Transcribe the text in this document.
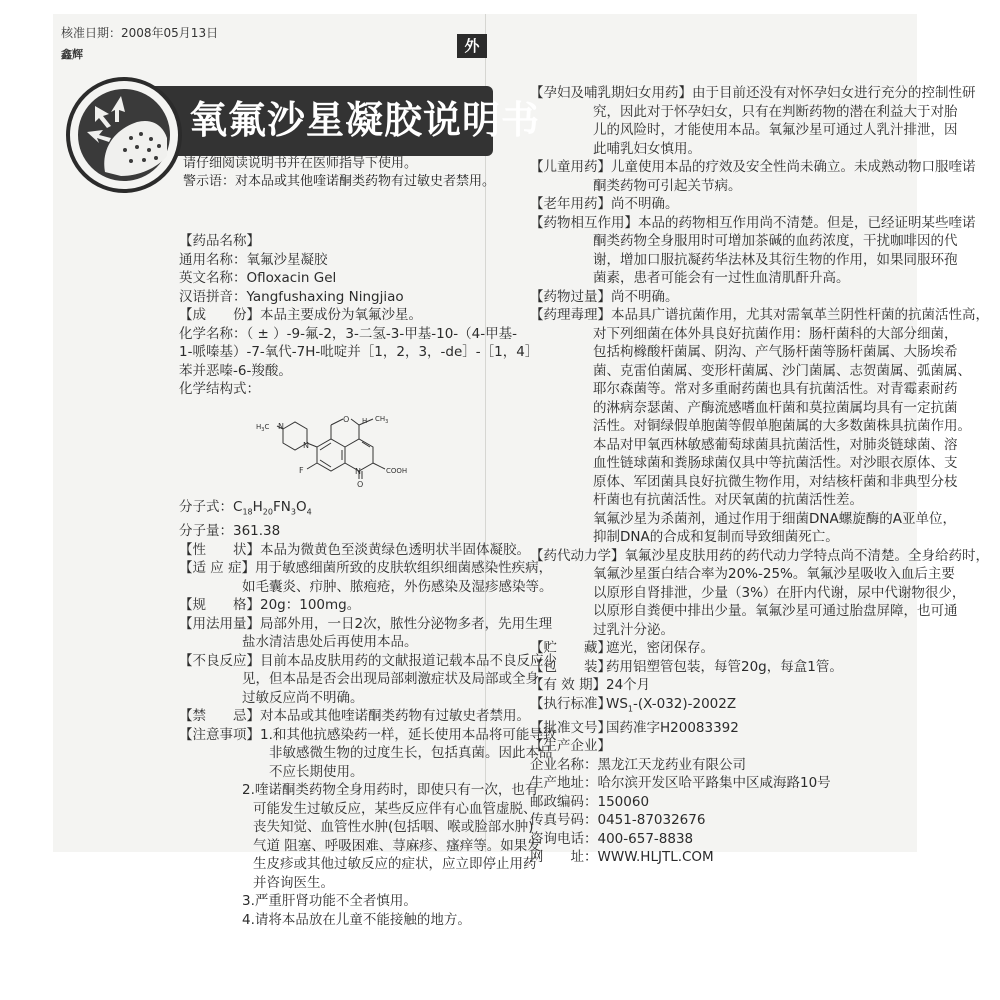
核准日期：2008年05月13日
鑫辉	外
氧氟沙星凝胶说明书
请仔细阅读说明书并在医师指导下使用。
警示语：对本品或其他喹诺酮类药物有过敏史者禁用。
【药品名称】
通用名称：氧氟沙星凝胶
英文名称：Ofloxacin Gel
汉语拼音：Yangfushaxing Ningjiao
【成　　份】本品主要成份为氧氟沙星。
化学名称：（ ± ）-9-氟-2，3-二氢-3-甲基-10-（4-甲基-
1-哌嗪基）-7-氧代-7H-吡啶并［1，2，3，-de］-［1，4］
苯并恶嗪-6-羧酸。
化学结构式：
$H_3C$ N
N
N
O H $CH_3$
F
O
COOH
分子式：$C_{18}H_{20}FN_3O_4$
分子量：361.38
【性　　状】本品为微黄色至淡黄绿色透明状半固体凝胶。
【适 应 症】用于敏感细菌所致的皮肤软组织细菌感染性疾病，
如毛囊炎、疖肿、脓疱疮，外伤感染及湿疹感染等。
【规　　格】20g：100mg。
【用法用量】局部外用，一日2次，脓性分泌物多者，先用生理
盐水清洁患处后再使用本品。
【不良反应】目前本品皮肤用药的文献报道记载本品不良反应少
见，但本品是否会出现局部刺激症状及局部或全身
过敏反应尚不明确。
【禁　　忌】对本品或其他喹诺酮类药物有过敏史者禁用。
【注意事项】1.和其他抗感染药一样，延长使用本品将可能导致
非敏感微生物的过度生长，包括真菌。因此本品
不应长期使用。
2.喹诺酮类药物全身用药时，即使只有一次，也有
可能发生过敏反应，某些反应伴有心血管虚脱、
丧失知觉、血管性水肿(包括咽、喉或脸部水肿)
气道 阻塞、呼吸困难、荨麻疹、瘙痒等。如果发
生皮疹或其他过敏反应的症状，应立即停止用药
并咨询医生。
3.严重肝肾功能不全者慎用。
4.请将本品放在儿童不能接触的地方。
【孕妇及哺乳期妇女用药】由于目前还没有对怀孕妇女进行充分的控制性研
究，因此对于怀孕妇女，只有在判断药物的潜在利益大于对胎
儿的风险时，才能使用本品。氧氟沙星可通过人乳汁排泄，因
此哺乳妇女慎用。
【儿童用药】儿童使用本品的疗效及安全性尚未确立。未成熟动物口服喹诺
酮类药物可引起关节病。
【老年用药】尚不明确。
【药物相互作用】本品的药物相互作用尚不清楚。但是，已经证明某些喹诺
酮类药物全身服用时可增加茶碱的血药浓度，干扰咖啡因的代
谢，增加口服抗凝药华法林及其衍生物的作用，如果同服环孢
菌素，患者可能会有一过性血清肌酐升高。
【药物过量】尚不明确。
【药理毒理】本品具广谱抗菌作用，尤其对需氧革兰阴性杆菌的抗菌活性高，
对下列细菌在体外具良好抗菌作用：肠杆菌科的大部分细菌，
包括枸橼酸杆菌属、阴沟、产气肠杆菌等肠杆菌属、大肠埃希
菌、克雷伯菌属、变形杆菌属、沙门菌属、志贺菌属、弧菌属、
耶尔森菌等。常对多重耐药菌也具有抗菌活性。对青霉素耐药
的淋病奈瑟菌、产酶流感嗜血杆菌和莫拉菌属均具有一定抗菌
活性。对铜绿假单胞菌等假单胞菌属的大多数菌株具抗菌作用。
本品对甲氧西林敏感葡萄球菌具抗菌活性，对肺炎链球菌、溶
血性链球菌和粪肠球菌仅具中等抗菌活性。对沙眼衣原体、支
原体、军团菌具良好抗微生物作用，对结核杆菌和非典型分枝
杆菌也有抗菌活性。对厌氧菌的抗菌活性差。
氧氟沙星为杀菌剂，通过作用于细菌DNA螺旋酶的A亚单位，
抑制DNA的合成和复制而导致细菌死亡。
【药代动力学】氧氟沙星皮肤用药的药代动力学特点尚不清楚。全身给药时，
氧氟沙星蛋白结合率为20%-25%。氧氟沙星吸收入血后主要
以原形自肾排泄，少量（3%）在肝内代谢，尿中代谢物很少，
以原形自粪便中排出少量。氧氟沙星可通过胎盘屏障，也可通
过乳汁分泌。
【贮　　藏】遮光，密闭保存。
【包　　装】药用铝塑管包装，每管20g，每盒1管。
【有 效 期】24个月
【执行标准】$WS_1-(X-032)-2002Z$
【批准文号】国药准字H20083392
【生产企业】
企业名称：黑龙江天龙药业有限公司
生产地址：哈尔滨开发区哈平路集中区咸海路10号
邮政编码：150060
传真号码：0451-87032676
咨询电话：400-657-8838
网　　址：WWW.HLJTL.COM
